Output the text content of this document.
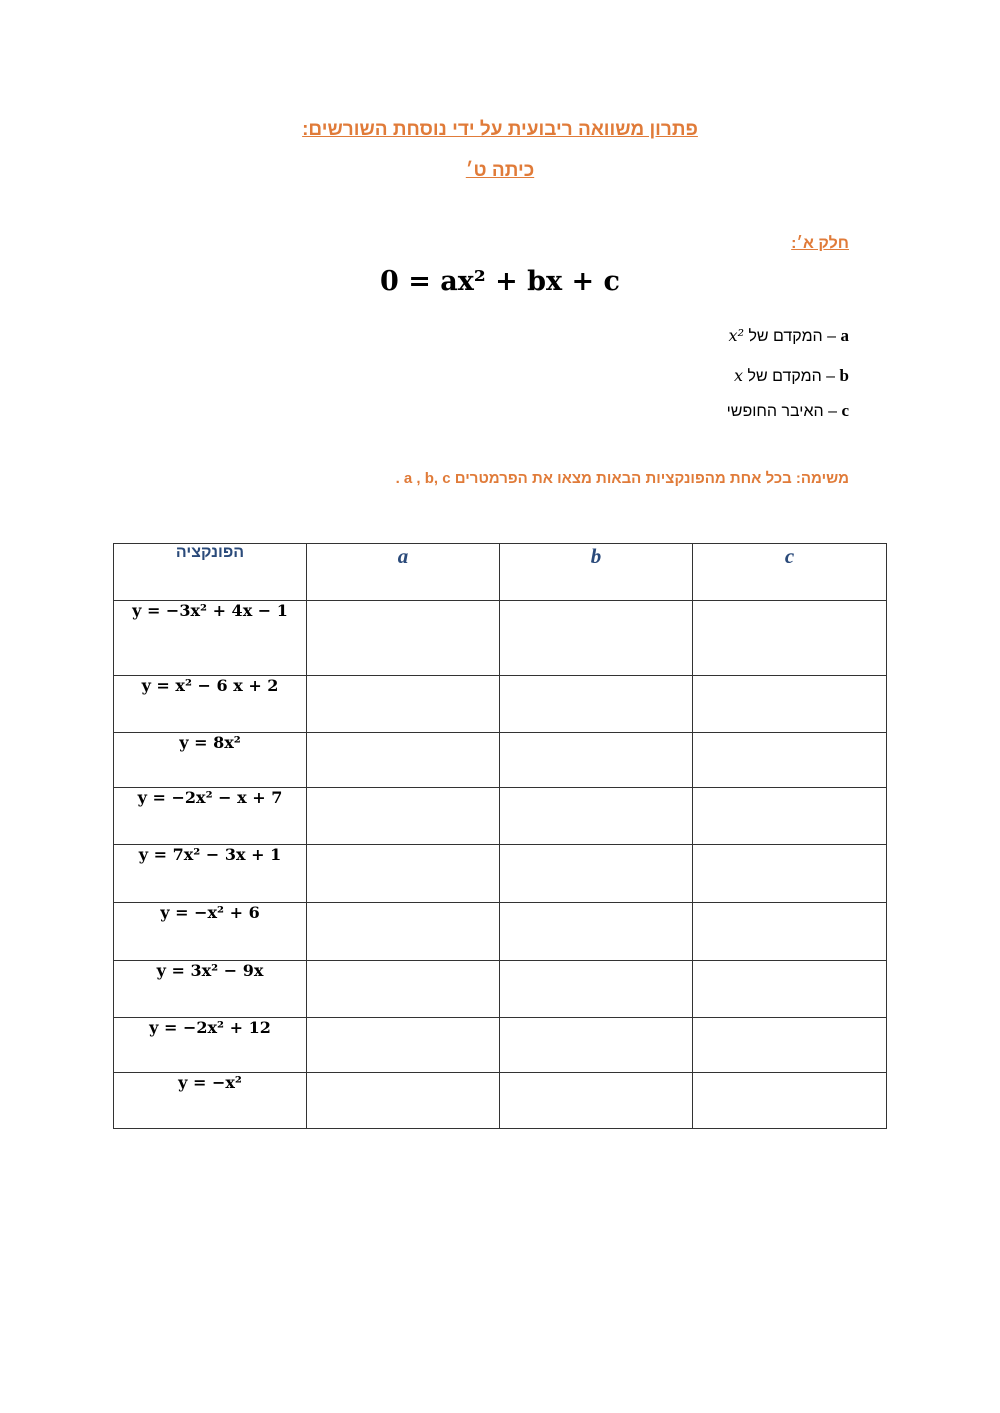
פתרון משוואה ריבועית על ידי נוסחת השורשים:
כיתה ט׳
חלק א׳:
0 = ax² + bx + c
a – המקדם של x²
b – המקדם של x
c – האיבר החופשי
משימה: בכל אחת מהפונקציות הבאות מצאו את הפרמטרים a , b, c .
הפונקציה	a	b	c
y = −3x² + 4x − 1			
y = x² − 6 x + 2			
y = 8x²			
y = −2x² − x + 7			
y = 7x² − 3x + 1			
y = −x² + 6			
y = 3x² − 9x			
y = −2x² + 12			
y = −x²			
